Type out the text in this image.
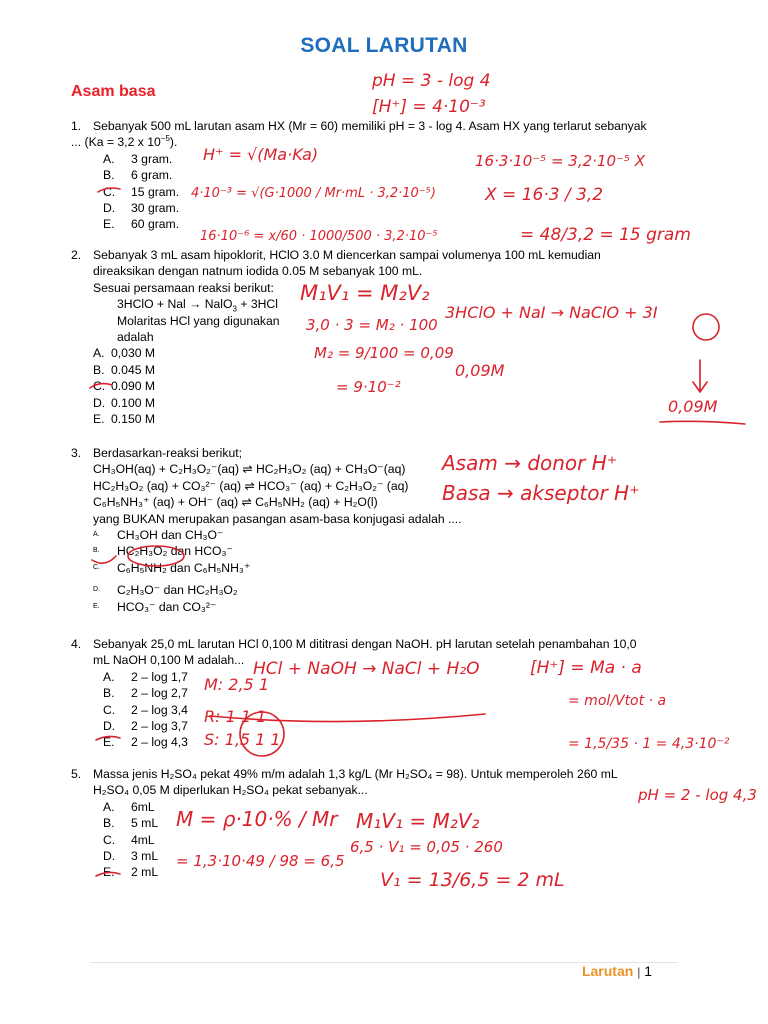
SOAL LARUTAN
Asam basa
1. Sebanyak 500 mL larutan asam HX (Mr = 60) memiliki pH = 3 - log 4. Asam HX yang terlarut sebanyak
... (Ka = 3,2 x $10^{-5}$).
A. 3 gram.
B. 6 gram.
C. 15 gram.
D. 30 gram.
E. 60 gram.
2. Sebanyak 3 mL asam hipoklorit, HClO 3.0 M diencerkan sampai volumenya 100 mL kemudian
direaksikan dengan natnum iodida 0.05 M sebanyak 100 mL.
Sesuai persamaan reaksi berikut:
3HClO + Nal → NalO$_3$ + 3HCl
Molaritas HCl yang digunakan
adalah
A. 0,030 M
B. 0.045 M
C. 0.090 M
D. 0.100 M
E. 0.150 M
3. Berdasarkan-reaksi berikut;
CH₃OH(aq) + C₂H₃O₂⁻(aq) ⇌ HC₂H₃O₂ (aq) + CH₃O⁻(aq)
HC₂H₃O₂ (aq) + CO₃²⁻ (aq) ⇌ HCO₃⁻ (aq) + C₂H₃O₂⁻ (aq)
C₆H₅NH₃⁺ (aq) + OH⁻ (aq) ⇌ C₆H₅NH₂ (aq) + H₂O(l)
yang BUKAN merupakan pasangan asam-basa konjugasi adalah ....
A. CH₃OH dan CH₃O⁻
B. HC₂H₃O₂ dan HCO₃⁻
C. C₆H₅NH₂ dan C₆H₅NH₃⁺
D. C₂H₃O⁻ dan HC₂H₃O₂
E. HCO₃⁻ dan CO₃²⁻
4. Sebanyak 25,0 mL larutan HCl 0,100 M dititrasi dengan NaOH. pH larutan setelah penambahan 10,0
mL NaOH 0,100 M adalah...
A. 2 – log 1,7
B. 2 – log 2,7
C. 2 – log 3,4
D. 2 – log 3,7
E. 2 – log 4,3
5. Massa jenis H₂SO₄ pekat 49% m/m adalah 1,3 kg/L (Mr H₂SO₄ = 98). Untuk memperoleh 260 mL
H₂SO₄ 0,05 M diperlukan H₂SO₄ pekat sebanyak...
A. 6mL
B. 5 mL
C. 4mL
D. 3 mL
E. 2 mL
pH = 3 - log 4
[H⁺] = 4·10⁻³
H⁺ = √(Ma·Ka)
4·10⁻³ = √(G·1000 / Mr·mL · 3,2·10⁻⁵)
16·10⁻⁶ = x/60 · 1000/500 · 3,2·10⁻⁵
16·3·10⁻⁵ = 3,2·10⁻⁵ X
X = 16·3 / 3,2
= 48/3,2 = 15 gram
M₁V₁ = M₂V₂
3,0 · 3 = M₂ · 100
M₂ = 9/100 = 0,09
= 9·10⁻²
3HClO + NaI → NaClO + 3I
0,09M
0,09M
Asam → donor H⁺
Basa → akseptor H⁺
HCl + NaOH → NaCl + H₂O	[H⁺] = Ma · a
M: 2,5 1
R: 1 1 1
S: 1,5 1 1
= mol/Vtot · a
= 1,5/35 · 1 = 4,3·10⁻²
pH = 2 - log 4,3
M = ρ·10·% / Mr
= 1,3·10·49 / 98 = 6,5
M₁V₁ = M₂V₂
6,5 · V₁ = 0,05 · 260
V₁ = 13/6,5 = 2 mL
Larutan | 1
